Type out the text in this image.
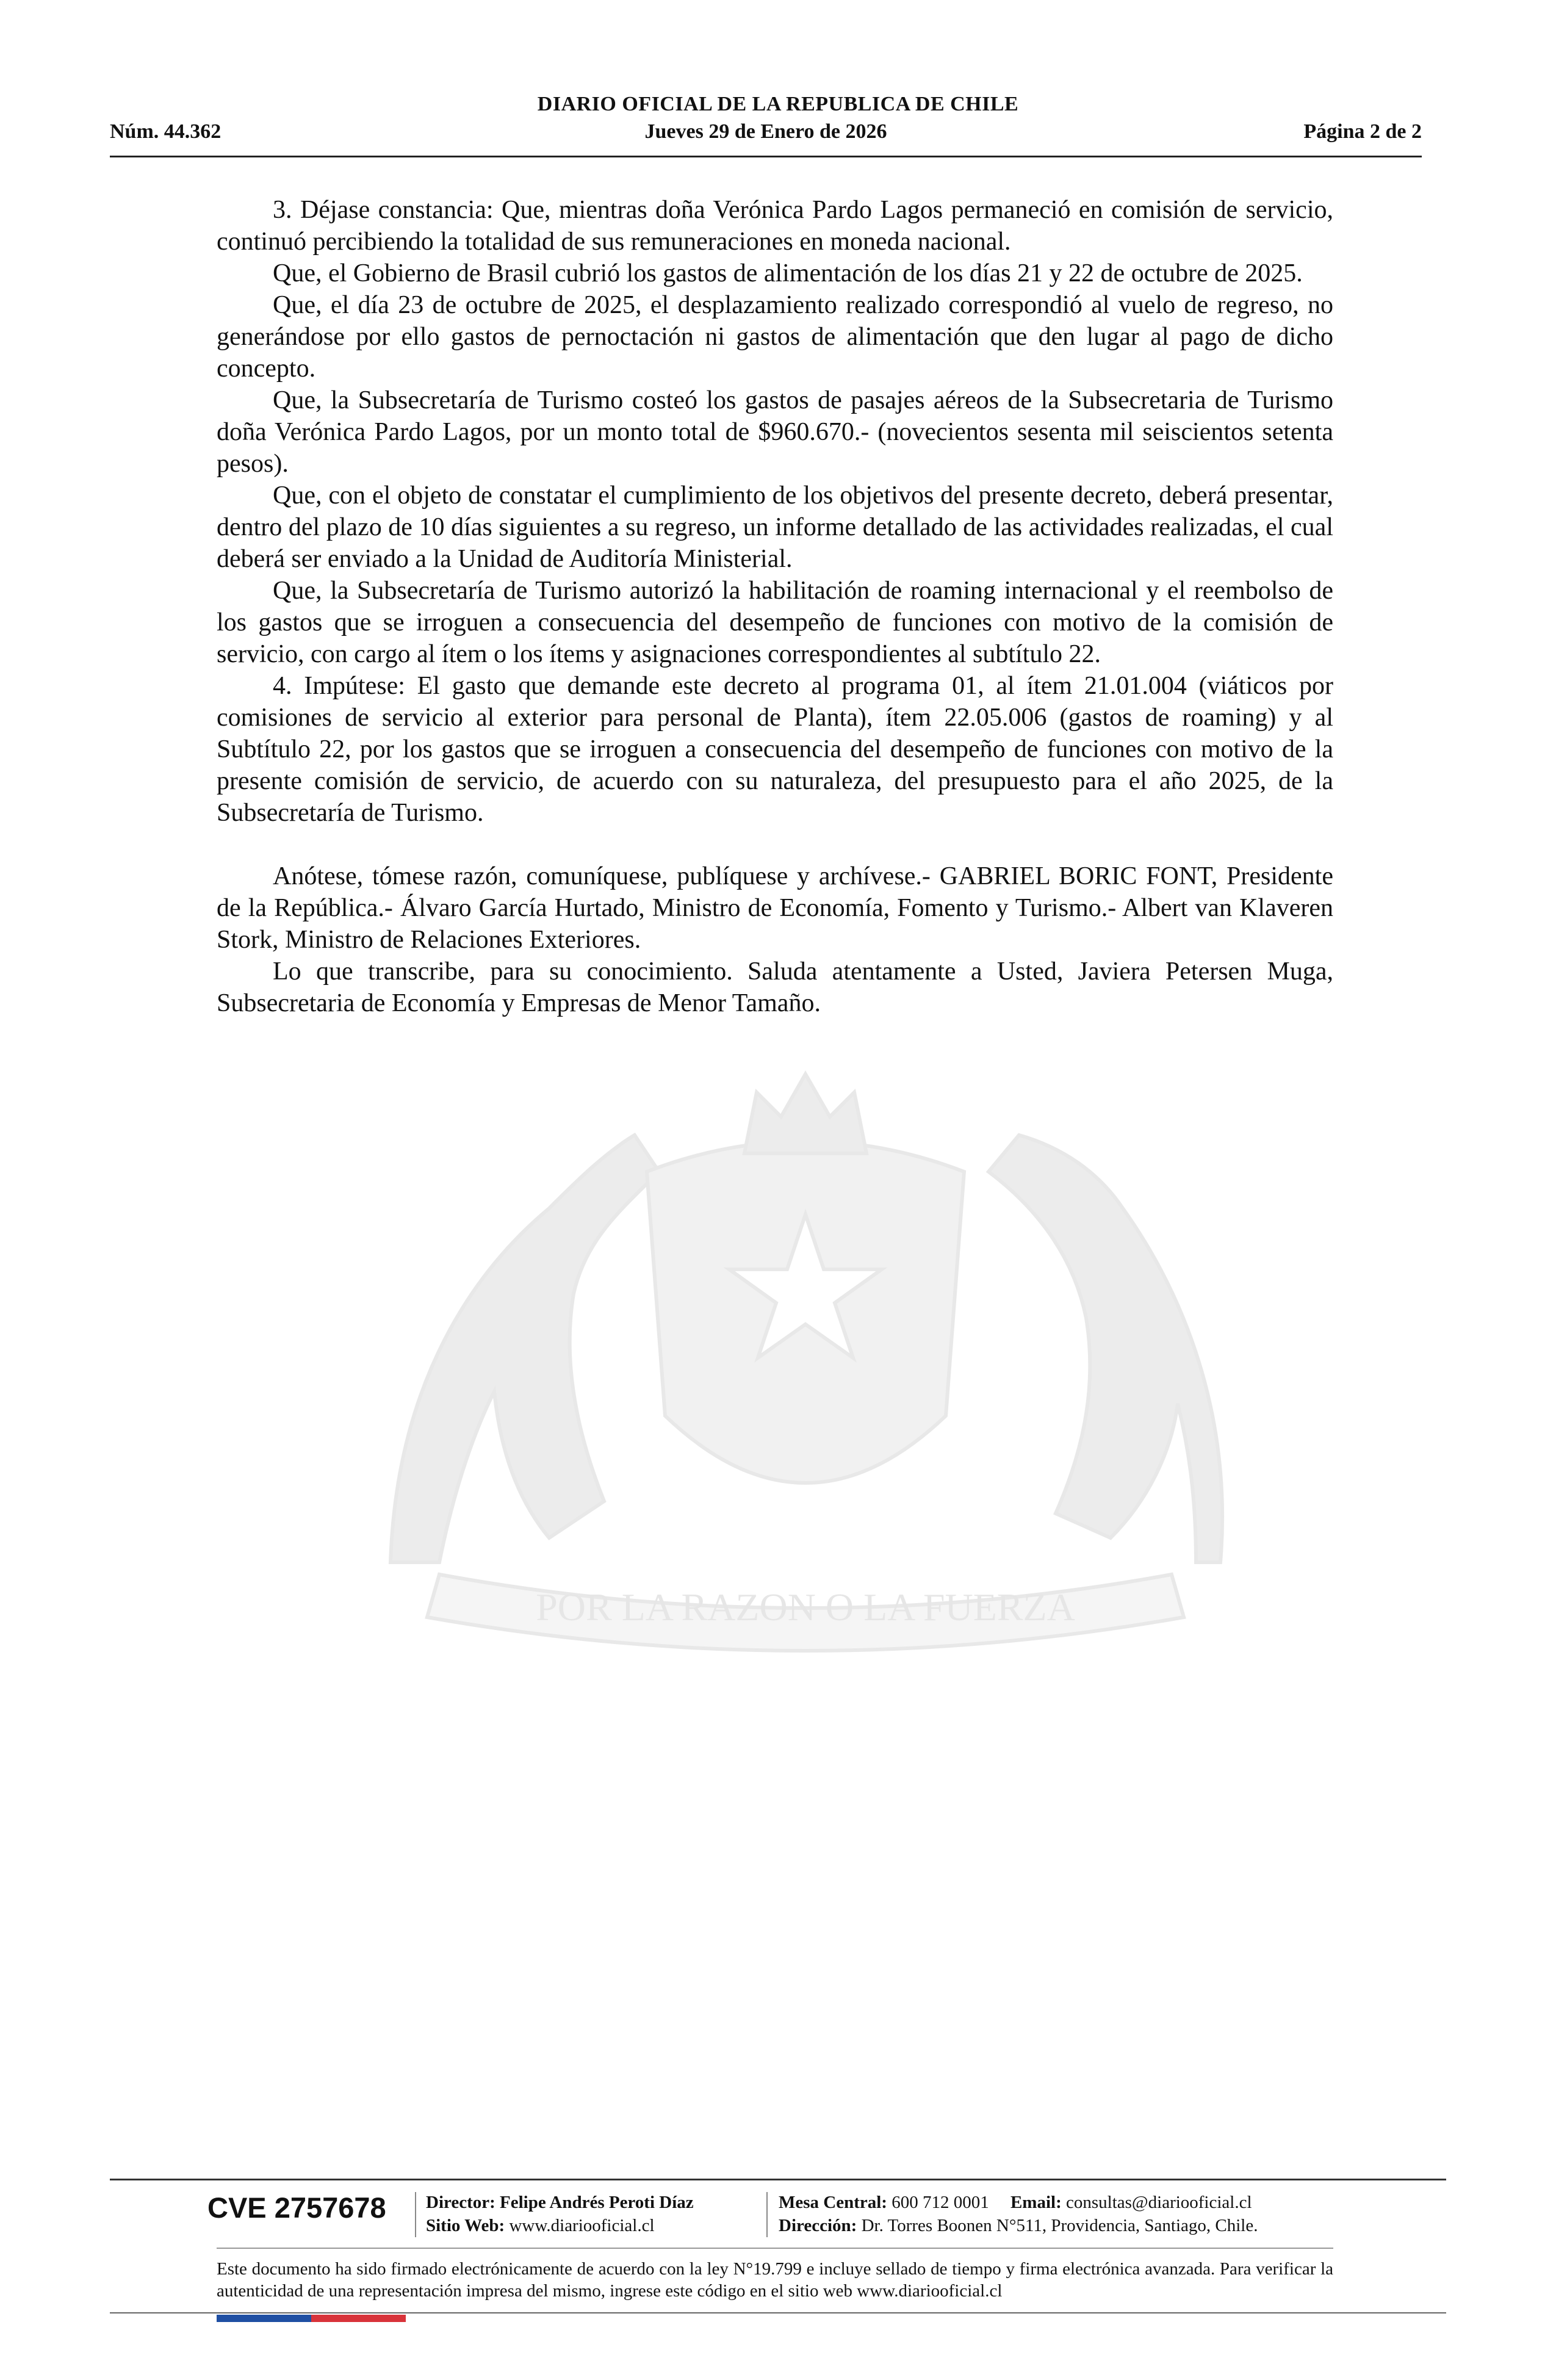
DIARIO OFICIAL DE LA REPUBLICA DE CHILE
Núm. 44.362	Jueves 29 de Enero de 2026	Página 2 de 2
POR LA RAZON O LA FUERZA

3. Déjase constancia: Que, mientras doña Verónica Pardo Lagos permaneció en comisión de servicio, continuó percibiendo la totalidad de sus remuneraciones en moneda nacional.

Que, el Gobierno de Brasil cubrió los gastos de alimentación de los días 21 y 22 de octubre de 2025.

Que, el día 23 de octubre de 2025, el desplazamiento realizado correspondió al vuelo de regreso, no generándose por ello gastos de pernoctación ni gastos de alimentación que den lugar al pago de dicho concepto.

Que, la Subsecretaría de Turismo costeó los gastos de pasajes aéreos de la Subsecretaria de Turismo doña Verónica Pardo Lagos, por un monto total de $960.670.- (novecientos sesenta mil seiscientos setenta pesos).

Que, con el objeto de constatar el cumplimiento de los objetivos del presente decreto, deberá presentar, dentro del plazo de 10 días siguientes a su regreso, un informe detallado de las actividades realizadas, el cual deberá ser enviado a la Unidad de Auditoría Ministerial.

Que, la Subsecretaría de Turismo autorizó la habilitación de roaming internacional y el reembolso de los gastos que se irroguen a consecuencia del desempeño de funciones con motivo de la comisión de servicio, con cargo al ítem o los ítems y asignaciones correspondientes al subtítulo 22.

4. Impútese: El gasto que demande este decreto al programa 01, al ítem 21.01.004 (viáticos por comisiones de servicio al exterior para personal de Planta), ítem 22.05.006 (gastos de roaming) y al Subtítulo 22, por los gastos que se irroguen a consecuencia del desempeño de funciones con motivo de la presente comisión de servicio, de acuerdo con su naturaleza, del presupuesto para el año 2025, de la Subsecretaría de Turismo.

Anótese, tómese razón, comuníquese, publíquese y archívese.- GABRIEL BORIC FONT, Presidente de la República.- Álvaro García Hurtado, Ministro de Economía, Fomento y Turismo.- Albert van Klaveren Stork, Ministro de Relaciones Exteriores.

Lo que transcribe, para su conocimiento. Saluda atentamente a Usted, Javiera Petersen Muga, Subsecretaria de Economía y Empresas de Menor Tamaño.

CVE 2757678	Director: Felipe Andrés Peroti Díaz
Sitio Web: www.diariooficial.cl
Mesa Central: 600 712 0001 Email: consultas@diariooficial.cl
Dirección: Dr. Torres Boonen N°511, Providencia, Santiago, Chile.
Este documento ha sido firmado electrónicamente de acuerdo con la ley N°19.799 e incluye sellado de tiempo y firma electrónica avanzada. Para verificar la autenticidad de una representación impresa del mismo, ingrese este código en el sitio web www.diariooficial.cl
